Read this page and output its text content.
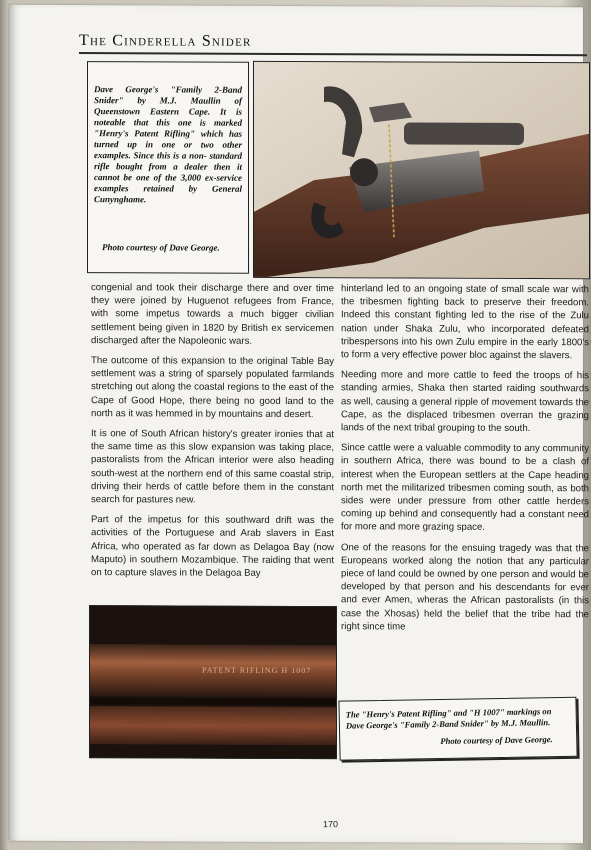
The Cinderella Snider
Dave George's "Family 2-Band Snider" by M.J. Maullin of Queenstown Eastern Cape. It is noteable that this one is marked "Henry's Patent Rifling" which has turned up in one or two other examples. Since this is a non- standard rifle bought from a dealer then it cannot be one of the 3,000 ex-service examples retained by General Cunynghame.
Photo courtesy of Dave George.

congenial and took their discharge there and over time they were joined by Huguenot refugees from France, with some impetus towards a much bigger civilian settlement being given in 1820 by British ex servicemen discharged after the Napoleonic wars.

The outcome of this expansion to the original Table Bay settlement was a string of sparsely populated farmlands stretching out along the coastal regions to the east of the Cape of Good Hope, there being no good land to the north as it was hemmed in by mountains and desert.

It is one of South African history's greater ironies that at the same time as this slow expansion was taking place, pastoralists from the African interior were also heading south-west at the northern end of this same coastal strip, driving their herds of cattle before them in the constant search for pastures new.

Part of the impetus for this southward drift was the activities of the Portuguese and Arab slavers in East Africa, who operated as far down as Delagoa Bay (now Maputo) in southern Mozambique. The raiding that went on to capture slaves in the Delagoa Bay

hinterland led to an ongoing state of small scale war with the tribesmen fighting back to preserve their freedom. Indeed this constant fighting led to the rise of the Zulu nation under Shaka Zulu, who incorporated defeated tribespersons into his own Zulu empire in the early 1800's to form a very effective power bloc against the slavers.

Needing more and more cattle to feed the troops of his standing armies, Shaka then started raiding southwards as well, causing a general ripple of movement towards the Cape, as the displaced tribesmen overran the grazing lands of the next tribal grouping to the south.

Since cattle were a valuable commodity to any community in southern Africa, there was bound to be a clash of interest when the European settlers at the Cape heading north met the militarized tribesmen coming south, as both sides were under pressure from other cattle herders coming up behind and consequently had a constant need for more and more grazing space.

One of the reasons for the ensuing tragedy was that the Europeans worked along the notion that any particular piece of land could be owned by one person and would be developed by that person and his descendants for ever and ever Amen, wheras the African pastoralists (in this case the Xhosas) held the belief that the tribe had the right since time

PATENT RIFLING H 1007
The "Henry's Patent Rifling" and "H 1007" markings on Dave George's "Family 2-Band Snider" by M.J. Maullin.
Photo courtesy of Dave George.
170
